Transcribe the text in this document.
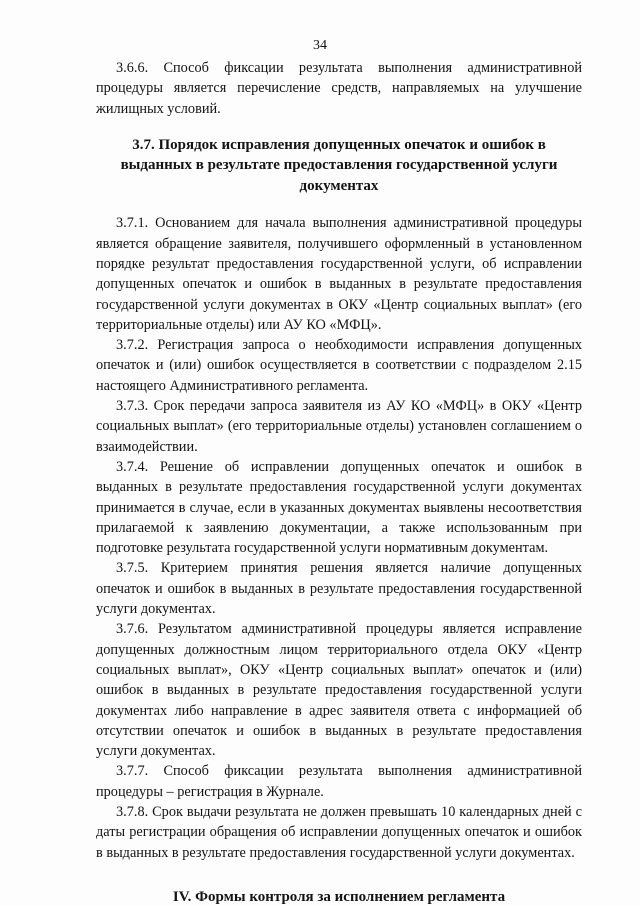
34

3.6.6. Способ фиксации результата выполнения административной процедуры является перечисление средств, направляемых на улучшение жилищных условий.

3.7. Порядок исправления допущенных опечаток и ошибок в
выданных в результате предоставления государственной услуги
документах

3.7.1. Основанием для начала выполнения административной процедуры является обращение заявителя, получившего оформленный в установленном порядке результат предоставления государственной услуги, об исправлении допущенных опечаток и ошибок в выданных в результате предоставления государственной услуги документах в ОКУ «Центр социальных выплат» (его территориальные отделы) или АУ КО «МФЦ».

3.7.2. Регистрация запроса о необходимости исправления допущенных опечаток и (или) ошибок осуществляется в соответствии с подразделом 2.15 настоящего Административного регламента.

3.7.3. Срок передачи запроса заявителя из АУ КО «МФЦ» в ОКУ «Центр социальных выплат» (его территориальные отделы) установлен соглашением о взаимодействии.

3.7.4. Решение об исправлении допущенных опечаток и ошибок в выданных в результате предоставления государственной услуги документах принимается в случае, если в указанных документах выявлены несоответствия прилагаемой к заявлению документации, а также использованным при подготовке результата государственной услуги нормативным документам.

3.7.5. Критерием принятия решения является наличие допущенных опечаток и ошибок в выданных в результате предоставления государственной услуги документах.

3.7.6. Результатом административной процедуры является исправление допущенных должностным лицом территориального отдела ОКУ «Центр социальных выплат», ОКУ «Центр социальных выплат» опечаток и (или) ошибок в выданных в результате предоставления государственной услуги документах либо направление в адрес заявителя ответа с информацией об отсутствии опечаток и ошибок в выданных в результате предоставления услуги документах.

3.7.7. Способ фиксации результата выполнения административной процедуры – регистрация в Журнале.

3.7.8. Срок выдачи результата не должен превышать 10 календарных дней с даты регистрации обращения об исправлении допущенных опечаток и ошибок в выданных в результате предоставления государственной услуги документах.

IV. Формы контроля за исполнением регламента
